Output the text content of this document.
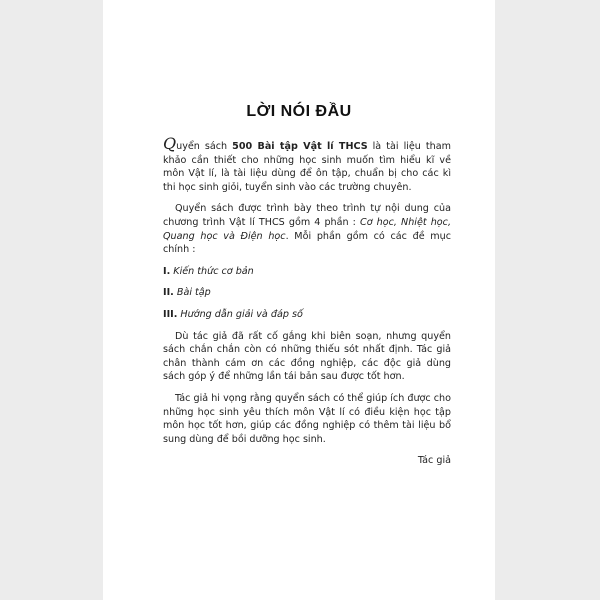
LỜI NÓI ĐẦU

Quyển sách 500 Bài tập Vật lí THCS là tài liệu tham khảo cần thiết cho những học sinh muốn tìm hiểu kĩ về môn Vật lí, là tài liệu dùng để ôn tập, chuẩn bị cho các kì thi học sinh giỏi, tuyển sinh vào các trường chuyên.

Quyển sách được trình bày theo trình tự nội dung của chương trình Vật lí THCS gồm 4 phần : Cơ học, Nhiệt học, Quang học và Điện học. Mỗi phần gồm có các đề mục chính :

I. Kiến thức cơ bản

II. Bài tập

III. Hướng dẫn giải và đáp số

Dù tác giả đã rất cố gắng khi biên soạn, nhưng quyển sách chắn chắn còn có những thiếu sót nhất định. Tác giả chân thành cám ơn các đồng nghiệp, các độc giả dùng sách góp ý để những lần tái bản sau được tốt hơn.

Tác giả hi vọng rằng quyển sách có thể giúp ích được cho những học sinh yêu thích môn Vật lí có điều kiện học tập môn học tốt hơn, giúp các đồng nghiệp có thêm tài liệu bổ sung dùng để bồi dưỡng học sinh.

Tác giả
